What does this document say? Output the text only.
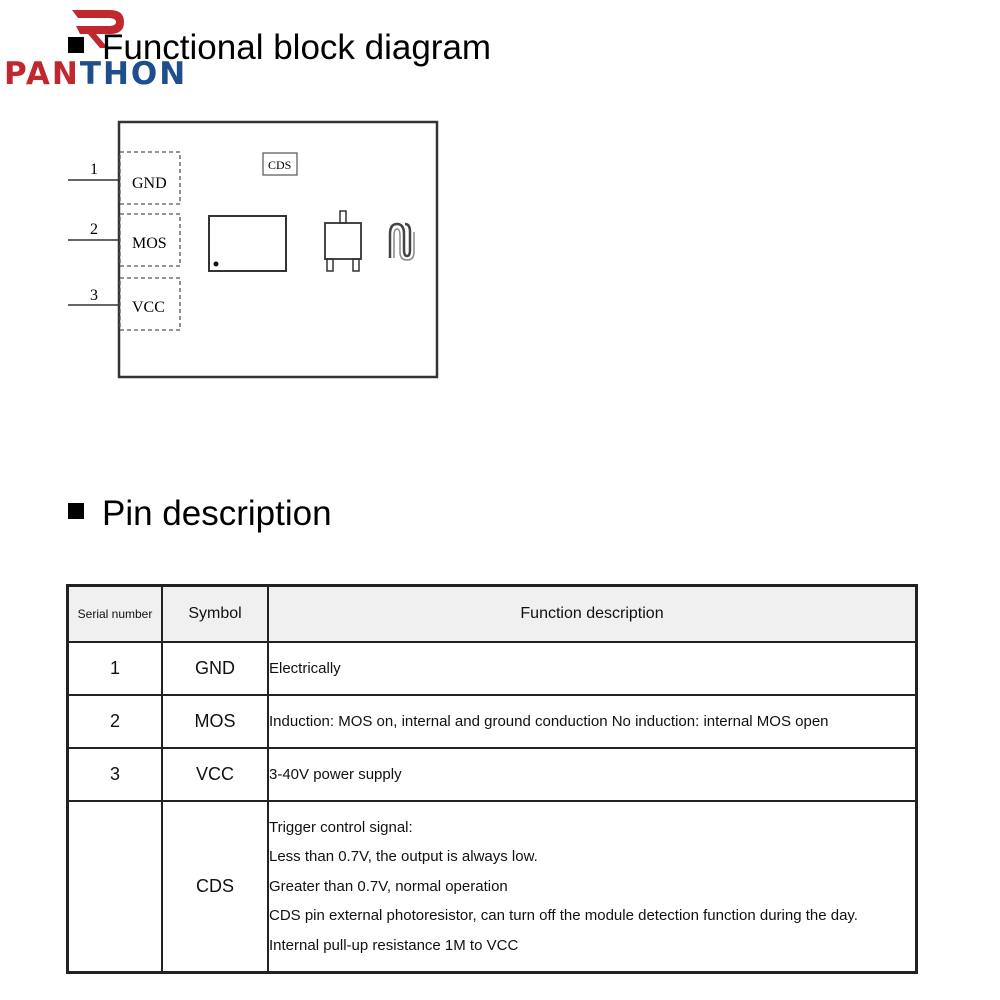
PANTHON
Functional block diagram
1
2
3
GND
MOS
VCC
CDS
Pin description
Serial number	Symbol	Function description
1	GND	Electrically
2	MOS	Induction: MOS on, internal and ground conduction No induction: internal MOS open
3	VCC	3-40V power supply
	CDS	Trigger control signal:
Less than 0.7V, the output is always low.
Greater than 0.7V, normal operation
CDS pin external photoresistor, can turn off the module detection function during the day.
Internal pull-up resistance 1M to VCC
